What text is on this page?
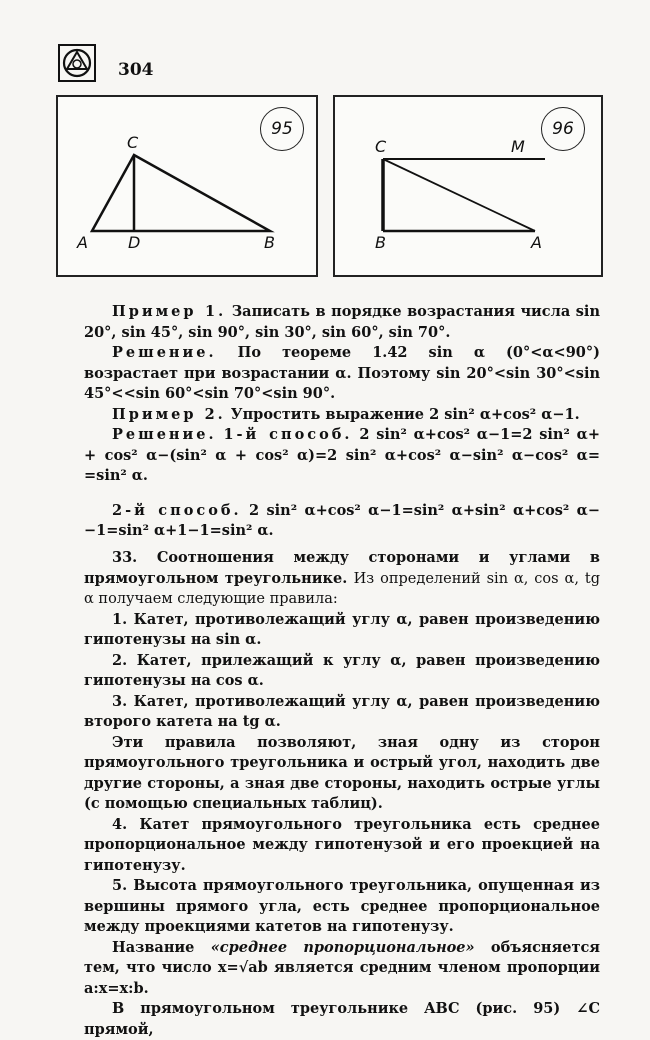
304
95
C
A	D	B
96
C	M
B	A

Пример 1. Записать в порядке возрастания числа sin 20°, sin 45°, sin 90°, sin 30°, sin 60°, sin 70°.

Решение. По теореме 1.42 sin α (0°<α<90°) возрастает при возрастании α. Поэтому sin 20°<sin 30°<sin 45°<<sin 60°<sin 70°<sin 90°.

Пример 2. Упростить выражение 2 sin² α+cos² α−1.

Решение. 1-й способ. 2 sin² α+cos² α−1=2 sin² α+ + cos² α−(sin² α + cos² α)=2 sin² α+cos² α−sin² α−cos² α= =sin² α.

2-й способ. 2 sin² α+cos² α−1=sin² α+sin² α+cos² α− −1=sin² α+1−1=sin² α.

33. Соотношения между сторонами и углами в прямоугольном треугольнике. Из определений sin α, cos α, tg α получаем следующие правила:

1. Катет, противолежащий углу α, равен произведению гипотенузы на sin α.

2. Катет, прилежащий к углу α, равен произведению гипотенузы на cos α.

3. Катет, противолежащий углу α, равен произведению второго катета на tg α.

Эти правила позволяют, зная одну из сторон прямоугольного треугольника и острый угол, находить две другие стороны, а зная две стороны, находить острые углы (с помощью специальных таблиц).

4. Катет прямоугольного треугольника есть среднее пропорциональное между гипотенузой и его проекцией на гипотенузу.

5. Высота прямоугольного треугольника, опущенная из вершины прямого угла, есть среднее пропорциональное между проекциями катетов на гипотенузу.

Название «среднее пропорциональное» объясняется тем, что число x=√ab является средним членом пропорции a:x=x:b.

В прямоугольном треугольнике ABC (рис. 95) ∠C прямой,
